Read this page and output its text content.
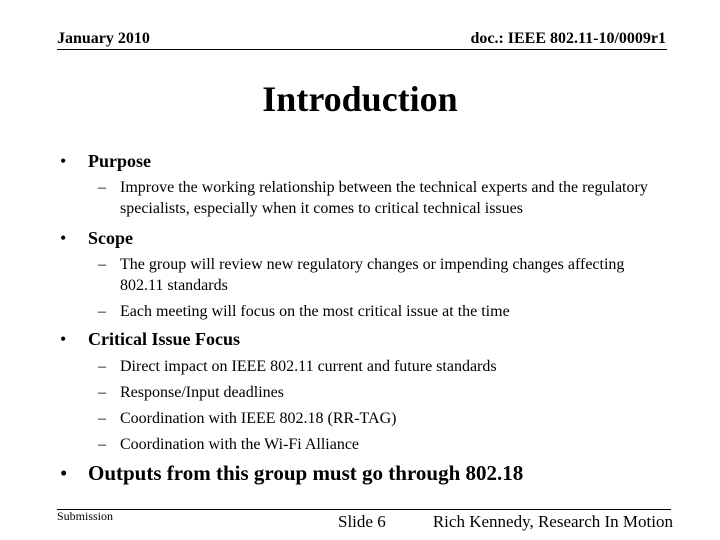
January 2010	doc.: IEEE 802.11-10/0009r1
Introduction
• Purpose
– Improve the working relationship between the technical experts and the regulatory specialists, especially when it comes to critical technical issues
• Scope
– The group will review new regulatory changes or impending changes affecting 802.11 standards
– Each meeting will focus on the most critical issue at the time
• Critical Issue Focus
– Direct impact on IEEE 802.11 current and future standards
– Response/Input deadlines
– Coordination with IEEE 802.18 (RR-TAG)
– Coordination with the Wi-Fi Alliance
• Outputs from this group must go through 802.18
Submission	Slide 6	Rich Kennedy, Research In Motion
